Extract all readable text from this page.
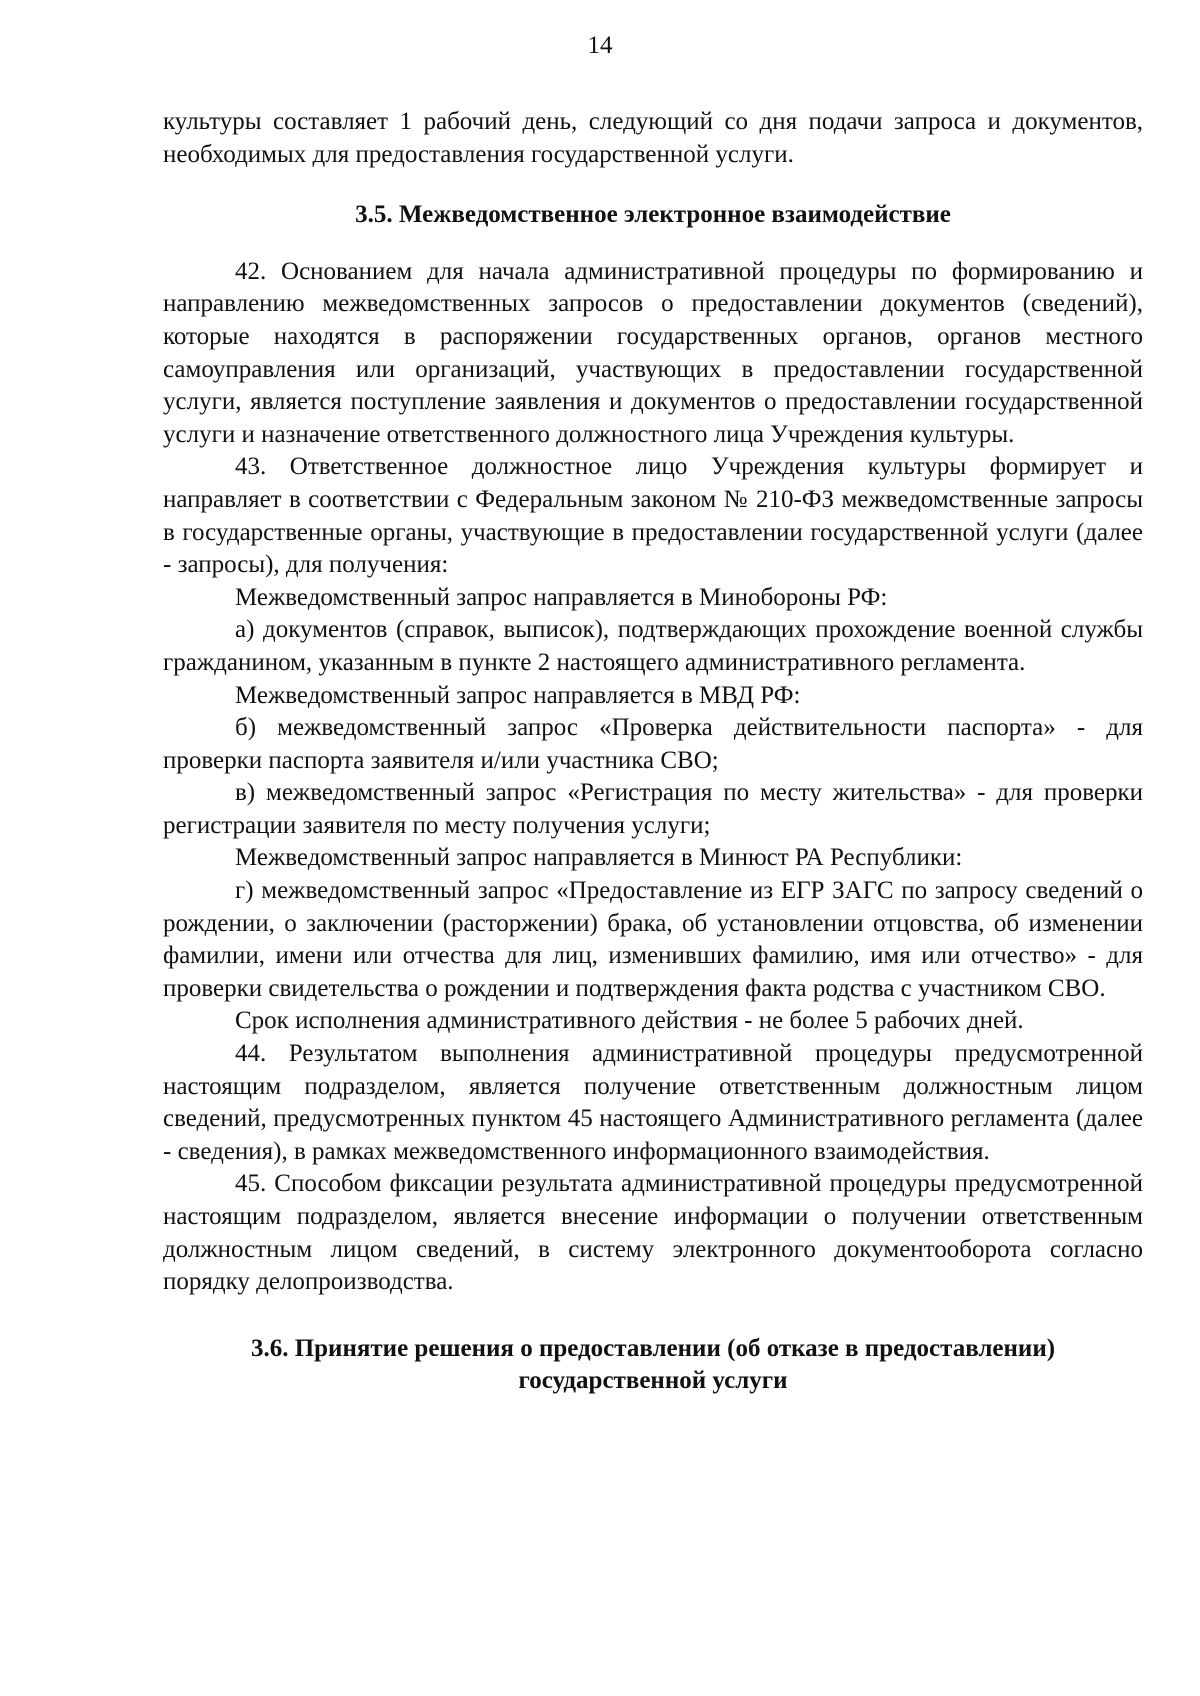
14

культуры составляет 1 рабочий день, следующий со дня подачи запроса и документов, необходимых для предоставления государственной услуги.

3.5. Межведомственное электронное взаимодействие

42. Основанием для начала административной процедуры по формированию и направлению межведомственных запросов о предоставлении документов (сведений), которые находятся в распоряжении государственных органов, органов местного самоуправления или организаций, участвующих в предоставлении государственной услуги, является поступление заявления и документов о предоставлении государственной услуги и назначение ответственного должностного лица Учреждения культуры.

43. Ответственное должностное лицо Учреждения культуры формирует и направляет в соответствии с Федеральным законом № 210-ФЗ межведомственные запросы в государственные органы, участвующие в предоставлении государственной услуги (далее - запросы), для получения:

Межведомственный запрос направляется в Минобороны РФ:

а) документов (справок, выписок), подтверждающих прохождение военной службы гражданином, указанным в пункте 2 настоящего административного регламента.

Межведомственный запрос направляется в МВД РФ:

б) межведомственный запрос «Проверка действительности паспорта» - для проверки паспорта заявителя и/или участника СВО;

в) межведомственный запрос «Регистрация по месту жительства» - для проверки регистрации заявителя по месту получения услуги;

Межведомственный запрос направляется в Минюст РА Республики:

г) межведомственный запрос «Предоставление из ЕГР ЗАГС по запросу сведений о рождении, о заключении (расторжении) брака, об установлении отцовства, об изменении фамилии, имени или отчества для лиц, изменивших фамилию, имя или отчество» - для проверки свидетельства о рождении и подтверждения факта родства с участником СВО.

Срок исполнения административного действия - не более 5 рабочих дней.

44. Результатом выполнения административной процедуры предусмотренной настоящим подразделом, является получение ответственным должностным лицом сведений, предусмотренных пунктом 45 настоящего Административного регламента (далее - сведения), в рамках межведомственного информационного взаимодействия.

45. Способом фиксации результата административной процедуры предусмотренной настоящим подразделом, является внесение информации о получении ответственным должностным лицом сведений, в систему электронного документооборота согласно порядку делопроизводства.

3.6. Принятие решения о предоставлении (об отказе в предоставлении)

государственной услуги
